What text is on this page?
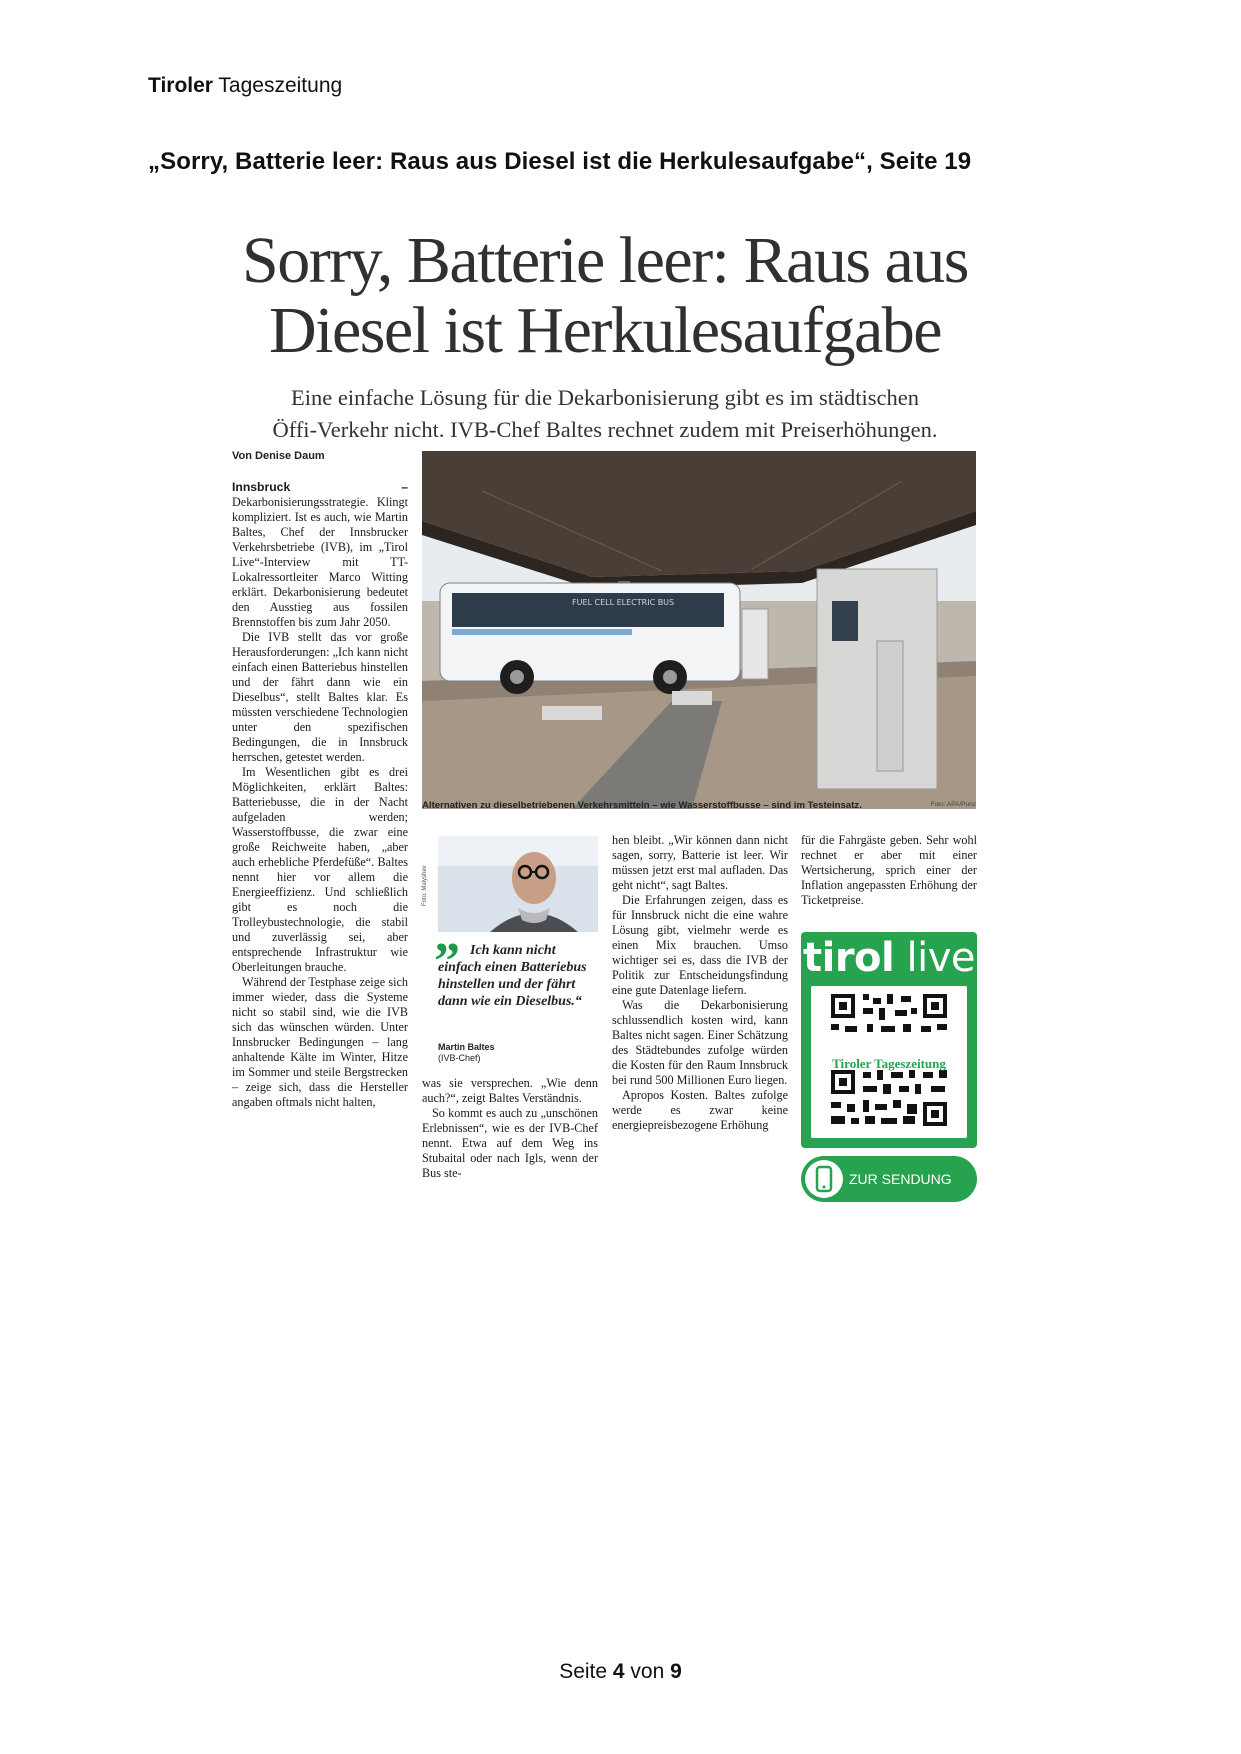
Tiroler Tageszeitung
„Sorry, Batterie leer: Raus aus Diesel ist die Herkulesaufgabe“, Seite 19
Sorry, Batterie leer: Raus aus
Diesel ist Herkulesaufgabe
Eine einfache Lösung für die Dekarbonisierung gibt es im städtischen
Öffi-Verkehr nicht. IVB-Chef Baltes rechnet zudem mit Preiserhöhungen.
Von Denise Daum

Innsbruck – Dekarbonisierungsstrategie. Klingt kompliziert. Ist es auch, wie Martin Baltes, Chef der Innsbrucker Verkehrsbetriebe (IVB), im „Tirol Live“-Interview mit TT-Lokalressortleiter Marco Witting erklärt. Dekarbonisierung bedeutet den Ausstieg aus fossilen Brennstoffen bis zum Jahr 2050.

Die IVB stellt das vor große Herausforderungen: „Ich kann nicht einfach einen Batteriebus hinstellen und der fährt dann wie ein Dieselbus“, stellt Baltes klar. Es müssten verschiedene Technologien unter den spezifischen Bedingungen, die in Innsbruck herrschen, getestet werden.

Im Wesentlichen gibt es drei Möglichkeiten, erklärt Baltes: Batteriebusse, die in der Nacht aufgeladen werden; Wasserstoffbusse, die zwar eine große Reichweite haben, „aber auch erhebliche Pferdefüße“. Baltes nennt hier vor allem die Energieeffizienz. Und schließlich gibt es noch die Trolleybustechnologie, die stabil und zuverlässig sei, aber entsprechende Infrastruktur wie Oberleitungen brauche.

Während der Testphase zeige sich immer wieder, dass die Systeme nicht so stabil sind, wie die IVB sich das wünschen würden. Unter Innsbrucker Bedingungen – lang anhaltende Kälte im Winter, Hitze im Sommer und steile Bergstrecken – zeige sich, dass die Hersteller angaben oftmals nicht halten,

FUEL CELL ELECTRIC BUS
Alternativen zu dieselbetriebenen Verkehrsmitteln – wie Wasserstoffbusse – sind im Testeinsatz.	Foto: APA/Punz
Foto: Malyshev
” Ich kann nicht einfach einen Batteriebus hinstellen und der fährt dann wie ein Dieselbus.“
Martin Baltes
(IVB-Chef)

was sie versprechen. „Wie denn auch?“, zeigt Baltes Verständnis.

So kommt es auch zu „unschönen Erlebnissen“, wie es der IVB-Chef nennt. Etwa auf dem Weg ins Stubaital oder nach Igls, wenn der Bus ste-

hen bleibt. „Wir können dann nicht sagen, sorry, Batterie ist leer. Wir müssen jetzt erst mal aufladen. Das geht nicht“, sagt Baltes.

Die Erfahrungen zeigen, dass es für Innsbruck nicht die eine wahre Lösung gibt, vielmehr werde es einen Mix brauchen. Umso wichtiger sei es, dass die IVB der Politik zur Entscheidungsfindung eine gute Datenlage liefern.

Was die Dekarbonisierung schlussendlich kosten wird, kann Baltes nicht sagen. Einer Schätzung des Städtebundes zufolge würden die Kosten für den Raum Innsbruck bei rund 500 Millionen Euro liegen.

Apropos Kosten. Baltes zufolge werde es zwar keine energiepreisbezogene Erhöhung

für die Fahrgäste geben. Sehr wohl rechnet er aber mit einer Wertsicherung, sprich einer der Inflation angepassten Erhöhung der Ticketpreise.

tirol live
Tiroler Tageszeitung
ZUR SENDUNG
Seite 4 von 9
